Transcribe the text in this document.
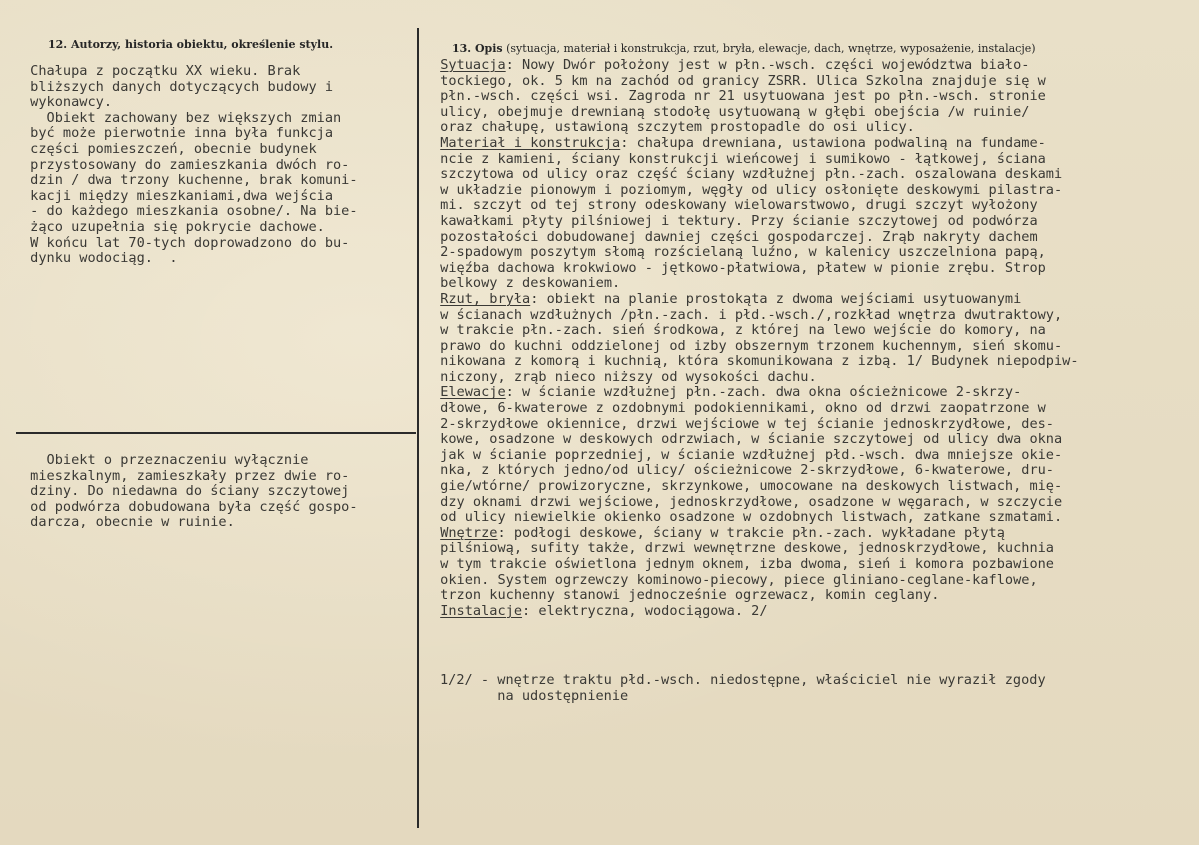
12. Autorzy, historia obiektu, określenie stylu.	13. Opis (sytuacja, materiał i konstrukcja, rzut, bryła, elewacje, dach, wnętrze, wyposażenie, instalacje)
Chałupa z początku XX wieku. Brak
bliższych danych dotyczących budowy i
wykonawcy.
Obiekt zachowany bez większych zmian
być może pierwotnie inna była funkcja
części pomieszczeń, obecnie budynek
przystosowany do zamieszkania dwóch ro-
dzin / dwa trzony kuchenne, brak komuni-
kacji między mieszkaniami,dwa wejścia
- do każdego mieszkania osobne/. Na bie-
żąco uzupełnia się pokrycie dachowe.
W końcu lat 70-tych doprowadzono do bu-
dynku wodociąg.  .
Obiekt o przeznaczeniu wyłącznie
mieszkalnym, zamieszkały przez dwie ro-
dziny. Do niedawna do ściany szczytowej
od podwórza dobudowana była część gospo-
darcza, obecnie w ruinie.
Sytuacja: Nowy Dwór położony jest w płn.-wsch. części województwa biało-
tockiego, ok. 5 km na zachód od granicy ZSRR. Ulica Szkolna znajduje się w
płn.-wsch. części wsi. Zagroda nr 21 usytuowana jest po płn.-wsch. stronie
ulicy, obejmuje drewnianą stodołę usytuowaną w głębi obejścia /w ruinie/
oraz chałupę, ustawioną szczytem prostopadle do osi ulicy.
Materiał i konstrukcja: chałupa drewniana, ustawiona podwaliną na fundame-
ncie z kamieni, ściany konstrukcji wieńcowej i sumikowo - łątkowej, ściana
szczytowa od ulicy oraz część ściany wzdłużnej płn.-zach. oszalowana deskami
w układzie pionowym i poziomym, węgły od ulicy osłonięte deskowymi pilastra-
mi. szczyt od tej strony odeskowany wielowarstwowo, drugi szczyt wyłożony
kawałkami płyty pilśniowej i tektury. Przy ścianie szczytowej od podwórza
pozostałości dobudowanej dawniej części gospodarczej. Zrąb nakryty dachem
2-spadowym poszytym słomą rozścielaną luźno, w kalenicy uszczelniona papą,
więźba dachowa krokwiowo - jętkowo-płatwiowa, płatew w pionie zrębu. Strop
belkowy z deskowaniem.
Rzut, bryła: obiekt na planie prostokąta z dwoma wejściami usytuowanymi
w ścianach wzdłużnych /płn.-zach. i płd.-wsch./,rozkład wnętrza dwutraktowy,
w trakcie płn.-zach. sień środkowa, z której na lewo wejście do komory, na
prawo do kuchni oddzielonej od izby obszernym trzonem kuchennym, sień skomu-
nikowana z komorą i kuchnią, która skomunikowana z izbą. 1/ Budynek niepodpiw-
niczony, zrąb nieco niższy od wysokości dachu.
Elewacje: w ścianie wzdłużnej płn.-zach. dwa okna ościeżnicowe 2-skrzy-
dłowe, 6-kwaterowe z ozdobnymi podokiennikami, okno od drzwi zaopatrzone w
2-skrzydłowe okiennice, drzwi wejściowe w tej ścianie jednoskrzydłowe, des-
kowe, osadzone w deskowych odrzwiach, w ścianie szczytowej od ulicy dwa okna
jak w ścianie poprzedniej, w ścianie wzdłużnej płd.-wsch. dwa mniejsze okie-
nka, z których jedno/od ulicy/ ościeżnicowe 2-skrzydłowe, 6-kwaterowe, dru-
gie/wtórne/ prowizoryczne, skrzynkowe, umocowane na deskowych listwach, mię-
dzy oknami drzwi wejściowe, jednoskrzydłowe, osadzone w węgarach, w szczycie
od ulicy niewielkie okienko osadzone w ozdobnych listwach, zatkane szmatami.
Wnętrze: podłogi deskowe, ściany w trakcie płn.-zach. wykładane płytą
pilśniową, sufity także, drzwi wewnętrzne deskowe, jednoskrzydłowe, kuchnia
w tym trakcie oświetlona jednym oknem, izba dwoma, sień i komora pozbawione
okien. System ogrzewczy kominowo-piecowy, piece gliniano-ceglane-kaflowe,
trzon kuchenny stanowi jednocześnie ogrzewacz, komin ceglany.
Instalacje: elektryczna, wodociągowa. 2/
1/2/ - wnętrze traktu płd.-wsch. niedostępne, właściciel nie wyraził zgody
na udostępnienie
